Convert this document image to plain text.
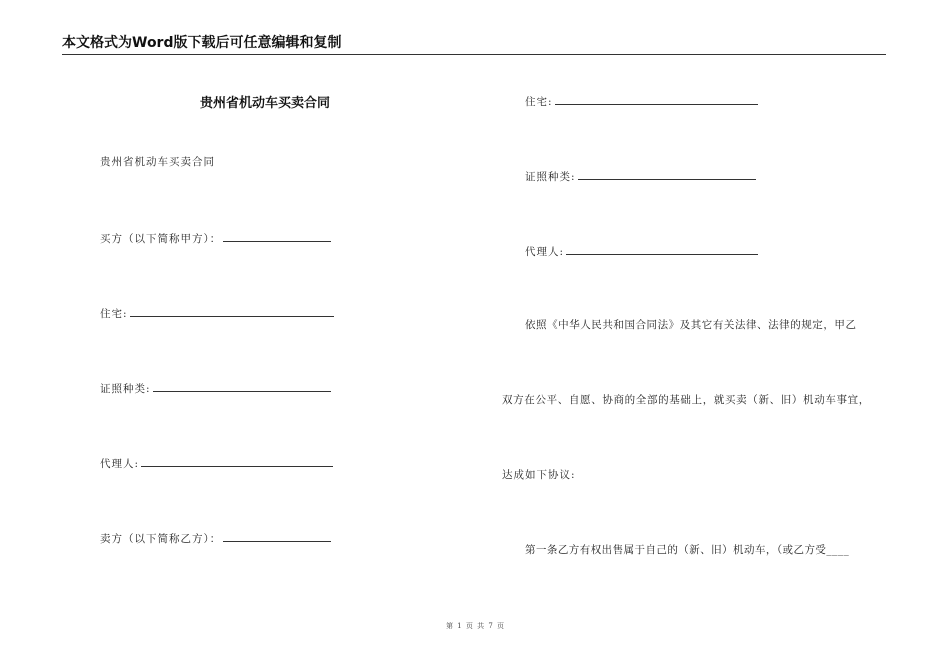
本文格式为Word版下载后可任意编辑和复制
贵州省机动车买卖合同
贵州省机动车买卖合同
买方（以下简称甲方）：
住宅:
证照种类:
代理人:
卖方（以下简称乙方）：
住宅:
证照种类:
代理人:
依照《中华人民共和国合同法》及其它有关法律、法律的规定，甲乙
双方在公平、自愿、协商的全部的基础上，就买卖（新、旧）机动车事宜，
达成如下协议:
第一条乙方有权出售属于自己的（新、旧）机动车，（或乙方受____
第 1 页 共 7 页
